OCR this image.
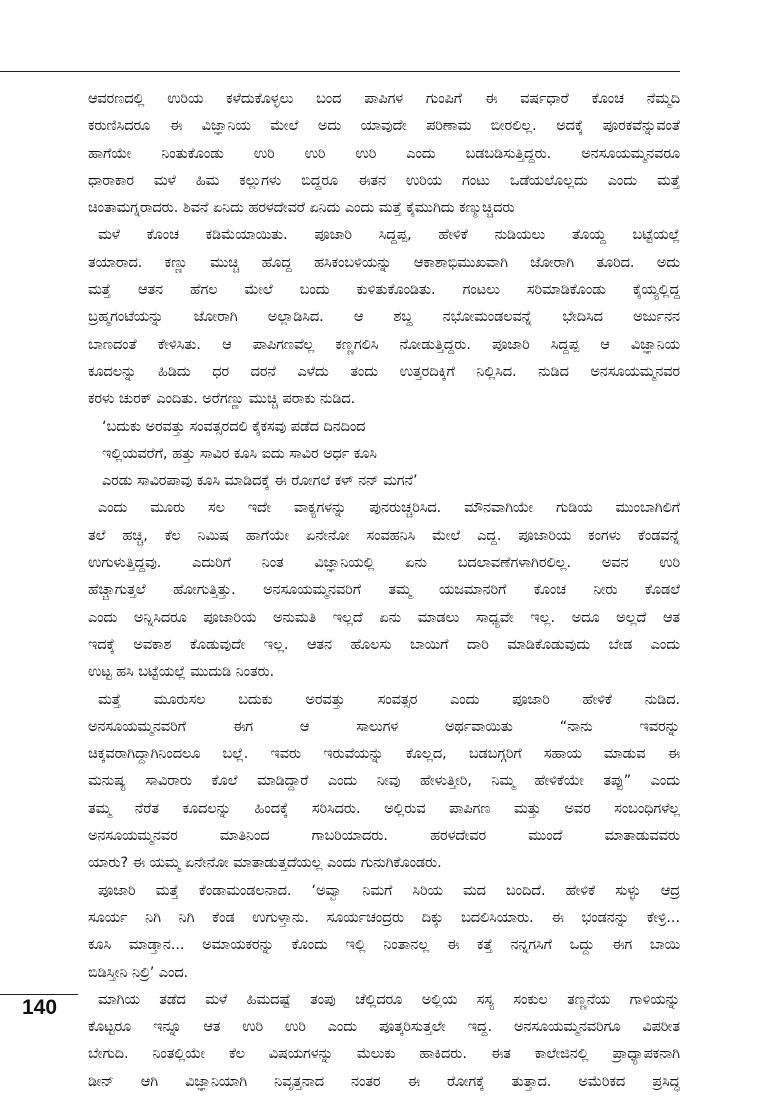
ಆವರಣದಲ್ಲಿ ಉರಿಯ ಕಳೆದುಕೊಳ್ಳಲು ಬಂದ ಪಾಪಿಗಳ ಗುಂಪಿಗೆ ಈ ವರ್ಷಧಾರೆ ಕೊಂಚ ನೆಮ್ಮದಿ
ಕರುಣಿಸಿದರೂ ಈ ವಿಜ್ಞಾನಿಯ ಮೇಲೆ ಅದು ಯಾವುದೇ ಪರಿಣಾಮ ಬೀರಲಿಲ್ಲ. ಅದಕ್ಕೆ ಪೂರಕವೆನ್ನುವಂತೆ
ಹಾಗೆಯೇ ನಿಂತುಕೊಂಡು ಉರಿ ಉರಿ ಉರಿ ಎಂದು ಬಡಬಡಿಸುತ್ತಿದ್ದರು. ಅನಸೂಯಮ್ಮನವರೂ
ಧಾರಾಕಾರ ಮಳೆ ಹಿಮ ಕಲ್ಲುಗಳು ಬಿದ್ದರೂ ಈತನ ಉರಿಯ ಗಂಟು ಒಡೆಯಲೊಲ್ಲದು ಎಂದು ಮತ್ತೆ
ಚಿಂತಾಮಗ್ನರಾದರು. ಶಿವನೆ ಏನಿದು ಹರಳದೇವರೆ ಏನಿದು ಎಂದು ಮತ್ತೆ ಕೈಮುಗಿದು ಕಣ್ಮುಚ್ಚಿದರು
ಮಳೆ ಕೊಂಚ ಕಡಿಮೆಯಾಯಿತು. ಪೂಜಾರಿ ಸಿದ್ದಪ್ಪ, ಹೇಳಿಕೆ ನುಡಿಯಲು ತೊಯ್ದ ಬಟ್ಟೆಯಲ್ಲೆ
ತಯಾರಾದ. ಕಣ್ಣು ಮುಚ್ಚಿ ಹೊದ್ದ ಹಸಿಕಂಬಳಿಯನ್ನು ಆಕಾಶಾಭಿಮುಖವಾಗಿ ಜೋರಾಗಿ ತೂರಿದ. ಅದು
ಮತ್ತೆ ಆತನ ಹೆಗಲ ಮೇಲೆ ಬಂದು ಕುಳಿತುಕೊಂಡಿತು. ಗಂಟಲು ಸರಿಮಾಡಿಕೊಂಡು ಕೈಯ್ಯಲ್ಲಿದ್ದ
ಬ್ರಹ್ಮಗಂಟೆಯನ್ನು ಜೋರಾಗಿ ಅಲ್ಲಾಡಿಸಿದ. ಆ ಶಬ್ದ ನಭೋಮಂಡಲವನ್ನೆ ಭೇದಿಸಿದ ಅರ್ಜುನನ
ಬಾಣದಂತೆ ಕೇಳಿಸಿತು. ಆ ಪಾಪಿಗಣವೆಲ್ಲ ಕಣ್ಣಗಲಿಸಿ ನೋಡುತ್ತಿದ್ದರು. ಪೂಜಾರಿ ಸಿದ್ದಪ್ಪ ಆ ವಿಜ್ಞಾನಿಯ
ಕೂದಲನ್ನು ಹಿಡಿದು ಧರ ದರನೆ ಎಳೆದು ತಂದು ಉತ್ತರದಿಕ್ಕಿಗೆ ನಿಲ್ಲಿಸಿದ. ನುಡಿದ ಅನಸೂಯಮ್ಮನವರ
ಕರಳು ಚುರಕ್ ಎಂದಿತು. ಅರೆಗಣ್ಣು ಮುಚ್ಚಿ ಪರಾಕು ನುಡಿದ.
‘ಬದುಕು ಅರವತ್ತು ಸಂವತ್ಸರದಲಿ ಕೈಕಸವು ಪಡೆದ ದಿನದಿಂದ
ಇಲ್ಲಿಯವರೆಗೆ, ಹತ್ತು ಸಾವಿರ ಕೂಸಿ ಐದು ಸಾವಿರ ಅರ್ಧ ಕೂಸಿ
ಎರಡು ಸಾವಿರಪಾವು ಕೂಸಿ ಮಾಡಿದಕ್ಕೆ ಈ ರೋಗಲೆ ಕಳ್ ನನ್ ಮಗನೆ’
ಎಂದು ಮೂರು ಸಲ ಇದೇ ವಾಕ್ಯಗಳನ್ನು ಪುನರುಚ್ಚರಿಸಿದ. ಮೌನವಾಗಿಯೇ ಗುಡಿಯ ಮುಂಬಾಗಿಲಿಗೆ
ತಲೆ ಹಚ್ಚಿ, ಕೆಲ ನಿಮಿಷ ಹಾಗೆಯೇ ಏನೇನೋ ಸಂವಹನಿಸಿ ಮೇಲೆ ಎದ್ದ. ಪೂಜಾರಿಯ ಕಂಗಳು ಕೆಂಡವನ್ನೆ
ಉಗುಳುತ್ತಿದ್ದವು. ಎದುರಿಗೆ ನಿಂತ ವಿಜ್ಞಾನಿಯಲ್ಲಿ ಏನು ಬದಲಾವಣೆಗಳಾಗಿರಲಿಲ್ಲ. ಅವನ ಉರಿ
ಹೆಚ್ಚಾಗುತ್ತಲೆ ಹೋಗುತ್ತಿತ್ತು. ಅನಸೂಯಮ್ಮನವರಿಗೆ ತಮ್ಮ ಯಜಮಾನರಿಗೆ ಕೊಂಚ ನೀರು ಕೊಡಲೆ
ಎಂದು ಅನ್ನಿಸಿದರೂ ಪೂಜಾರಿಯ ಅನುಮತಿ ಇಲ್ಲದೆ ಏನು ಮಾಡಲು ಸಾಧ್ಯವೇ ಇಲ್ಲ. ಅದೂ ಅಲ್ಲದೆ ಆತ
ಇದಕ್ಕೆ ಅವಕಾಶ ಕೊಡುವುದೇ ಇಲ್ಲ. ಆತನ ಹೊಲಸು ಬಾಯಿಗೆ ದಾರಿ ಮಾಡಿಕೊಡುವುದು ಬೇಡ ಎಂದು
ಉಟ್ಟ ಹಸಿ ಬಟ್ಟೆಯಲ್ಲೆ ಮುದುಡಿ ನಿಂತರು.
ಮತ್ತೆ ಮೂರುಸಲ ಬದುಕು ಅರವತ್ತು ಸಂವತ್ಸರ ಎಂದು ಪೂಜಾರಿ ಹೇಳಿಕೆ ನುಡಿದ.
ಅನಸೂಯಮ್ಮನವರಿಗೆ ಈಗ ಆ ಸಾಲುಗಳ ಅರ್ಥವಾಯಿತು “ನಾನು ಇವರನ್ನು
ಚಿಕ್ಕವರಾಗಿದ್ದಾಗಿನಿಂದಲೂ ಬಲ್ಲೆ. ಇವರು ಇರುವೆಯನ್ನು ಕೊಲ್ಲದ, ಬಡಬಗ್ಗರಿಗೆ ಸಹಾಯ ಮಾಡುವ ಈ
ಮನುಷ್ಯ ಸಾವಿರಾರು ಕೊಲೆ ಮಾಡಿದ್ದಾರೆ ಎಂದು ನೀವು ಹೇಳುತ್ತೀರಿ, ನಿಮ್ಮ ಹೇಳಿಕೆಯೇ ತಪ್ಪು” ಎಂದು
ತಮ್ಮ ನೆರೆತ ಕೂದಲನ್ನು ಹಿಂದಕ್ಕೆ ಸರಿಸಿದರು. ಅಲ್ಲಿರುವ ಪಾಪಿಗಣ ಮತ್ತು ಅವರ ಸಂಬಂಧಿಗಳೆಲ್ಲ
ಅನಸೂಯಮ್ಮನವರ ಮಾತಿನಿಂದ ಗಾಬರಿಯಾದರು. ಹರಳದೇವರ ಮುಂದೆ ಮಾತಾಡುವವರು
ಯಾರು? ಈ ಯಮ್ಮ ಏನೇನೋ ಮಾತಾಡುತ್ತದೆಯಲ್ಲ ಎಂದು ಗುನುಗಿಕೊಂಡರು.
ಪೂಜಾರಿ ಮತ್ತೆ ಕೆಂಡಾಮಂಡಲನಾದ. ‘ಅವ್ವಾ ನಿಮಗೆ ಸಿರಿಯ ಮದ ಬಂದಿದೆ. ಹೇಳಿಕೆ ಸುಳ್ಳು ಆದ್ರ
ಸೂರ್ಯ ನಿಗಿ ನಿಗಿ ಕೆಂಡ ಉಗುಳ್ತಾನು. ಸೂರ್ಯಚಂದ್ರರು ದಿಕ್ಕು ಬದಲಿಸಿಯಾರು. ಈ ಭಂಡನನ್ನು ಕೇಳ್ರಿ...
ಕೂಸಿ ಮಾಡ್ತಾನ... ಅಮಾಯಕರನ್ನು ಕೊಂದು ಇಲ್ಲಿ ನಿಂತಾನಲ್ಲ ಈ ಕತ್ತೆ ನನ್ನಗಸಿಗೆ ಒದ್ದು ಈಗ ಬಾಯಿ
ಬಿಡಿಸ್ತೀನಿ ನಿಲ್ರಿ’ ಎಂದ.
ಮಾಗಿಯ ತಡೆದ ಮಳೆ ಹಿಮದಷ್ಟೆ ತಂಪು ಚೆಲ್ಲಿದರೂ ಅಲ್ಲಿಯ ಸಸ್ಯ ಸಂಕುಲ ತಣ್ಣನೆಯ ಗಾಳಿಯನ್ನು
ಕೊಟ್ಟರೂ ಇನ್ನೂ ಆತ ಉರಿ ಉರಿ ಎಂದು ಪೂತ್ಕರಿಸುತ್ತಲೇ ಇದ್ದ. ಅನಸೂಯಮ್ಮನವರಿಗೂ ವಿಪರೀತ
ಬೇಗುದಿ. ನಿಂತಲ್ಲಿಯೇ ಕೆಲ ವಿಷಯಗಳನ್ನು ಮೆಲುಕು ಹಾಕಿದರು. ಈತ ಕಾಲೇಜಿನಲ್ಲಿ ಪ್ರಾಧ್ಯಾಪಕನಾಗಿ
ಡೀನ್ ಆಗಿ ವಿಜ್ಞಾನಿಯಾಗಿ ನಿವೃತ್ತನಾದ ನಂತರ ಈ ರೋಗಕ್ಕೆ ತುತ್ತಾದ. ಅಮೆರಿಕದ ಪ್ರಸಿದ್ಧ
140
